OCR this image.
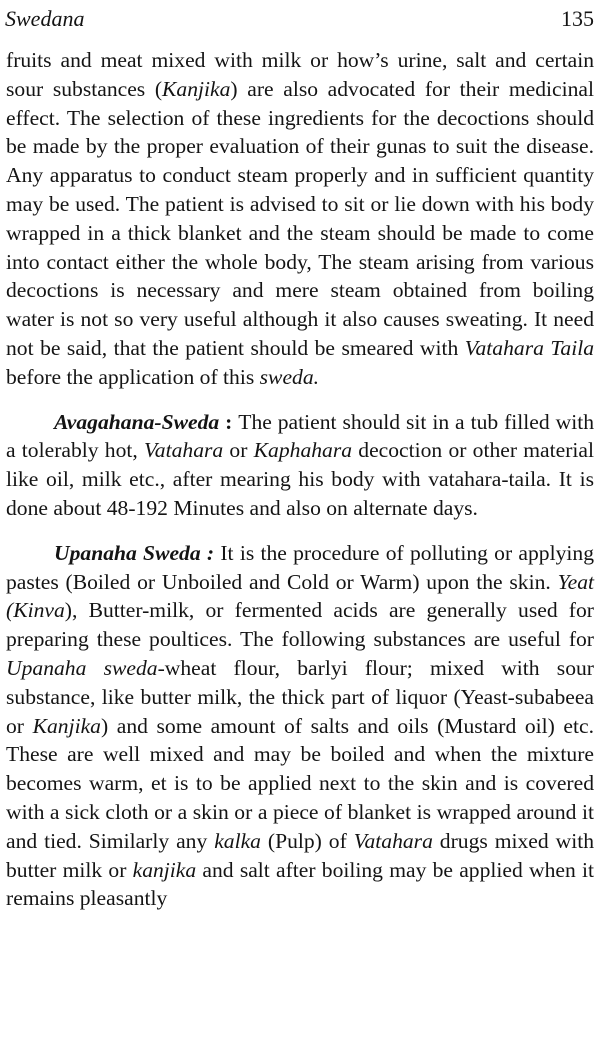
Swedana	135

fruits and meat mixed with milk or how’s urine, salt and certain sour substances (Kanjika) are also advocated for their medicinal effect. The selection of these ingredients for the decoctions should be made by the proper evaluation of their gunas to suit the disease. Any apparatus to conduct steam properly and in sufficient quantity may be used. The patient is advised to sit or lie down with his body wrapped in a thick blanket and the steam should be made to come into contact either the whole body, The steam arising from various decoctions is necessary and mere steam obtained from boiling water is not so very useful although it also causes sweating. It need not be said, that the patient should be smeared with Vatahara Taila before the application of this sweda.

Avagahana-Sweda : The patient should sit in a tub filled with a tolerably hot, Vatahara or Kaphahara decoction or other material like oil, milk etc., after mearing his body with vatahara-taila. It is done about 48-192 Minutes and also on alternate days.

Upanaha Sweda : It is the procedure of polluting or applying pastes (Boiled or Unboiled and Cold or Warm) upon the skin. Yeat (Kinva), Butter-milk, or fermented acids are generally used for preparing these poultices. The following substances are useful for Upanaha sweda-wheat flour, barlyi flour; mixed with sour substance, like butter milk, the thick part of liquor (Yeast-subabeea or Kanjika) and some amount of salts and oils (Mustard oil) etc. These are well mixed and may be boiled and when the mixture becomes warm, et is to be applied next to the skin and is covered with a sick cloth or a skin or a piece of blanket is wrapped around it and tied. Similarly any kalka (Pulp) of Vatahara drugs mixed with butter milk or kanjika and salt after boiling may be applied when it remains pleasantly
